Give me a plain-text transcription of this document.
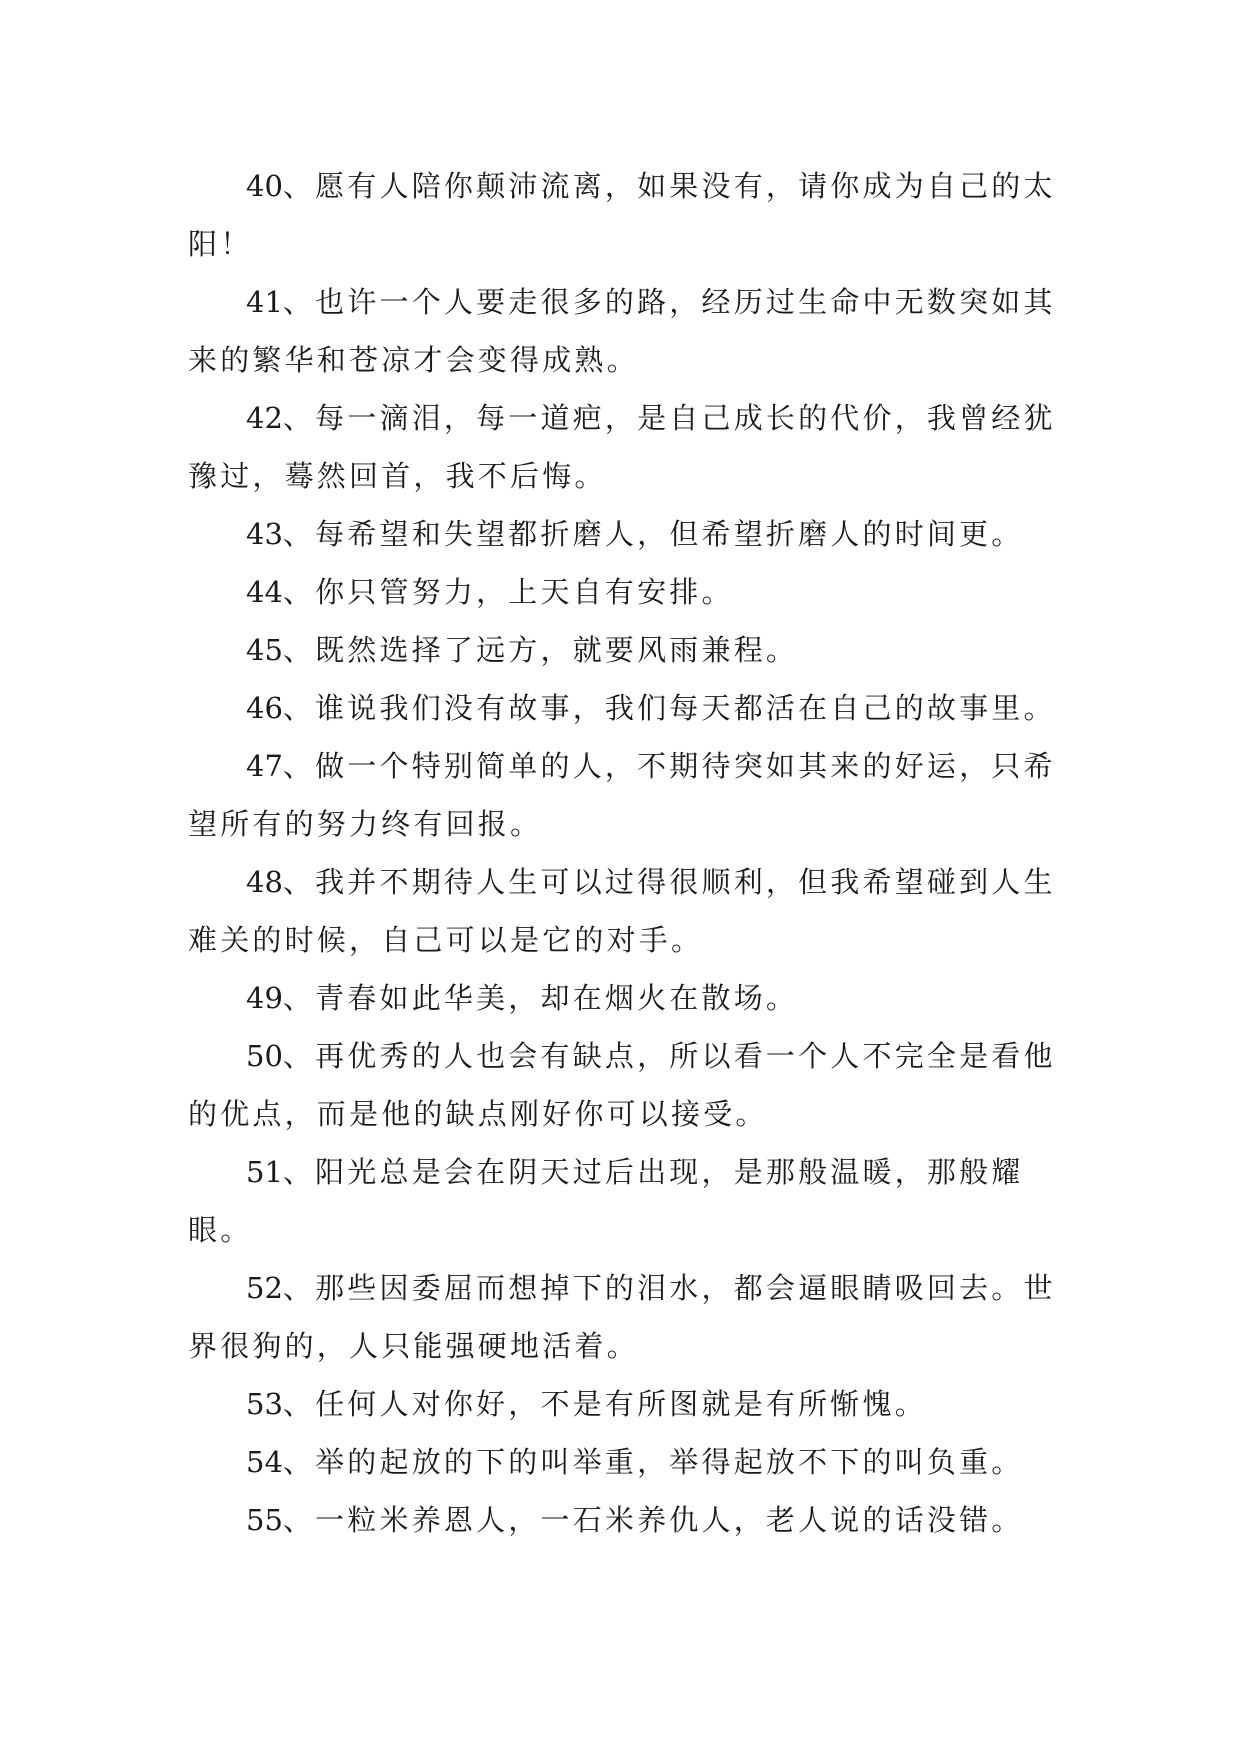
40、愿有人陪你颠沛流离，如果没有，请你成为自己的太阳！

41、也许一个人要走很多的路，经历过生命中无数突如其来的繁华和苍凉才会变得成熟。

42、每一滴泪，每一道疤，是自己成长的代价，我曾经犹豫过，蓦然回首，我不后悔。

43、每希望和失望都折磨人，但希望折磨人的时间更。

44、你只管努力，上天自有安排。

45、既然选择了远方，就要风雨兼程。

46、谁说我们没有故事，我们每天都活在自己的故事里。

47、做一个特别简单的人，不期待突如其来的好运，只希望所有的努力终有回报。

48、我并不期待人生可以过得很顺利，但我希望碰到人生难关的时候，自己可以是它的对手。

49、青春如此华美，却在烟火在散场。

50、再优秀的人也会有缺点，所以看一个人不完全是看他的优点，而是他的缺点刚好你可以接受。

51、阳光总是会在阴天过后出现，是那般温暖，那般耀眼。

52、那些因委屈而想掉下的泪水，都会逼眼睛吸回去。世界很狗的，人只能强硬地活着。

53、任何人对你好，不是有所图就是有所惭愧。

54、举的起放的下的叫举重，举得起放不下的叫负重。

55、一粒米养恩人，一石米养仇人，老人说的话没错。
